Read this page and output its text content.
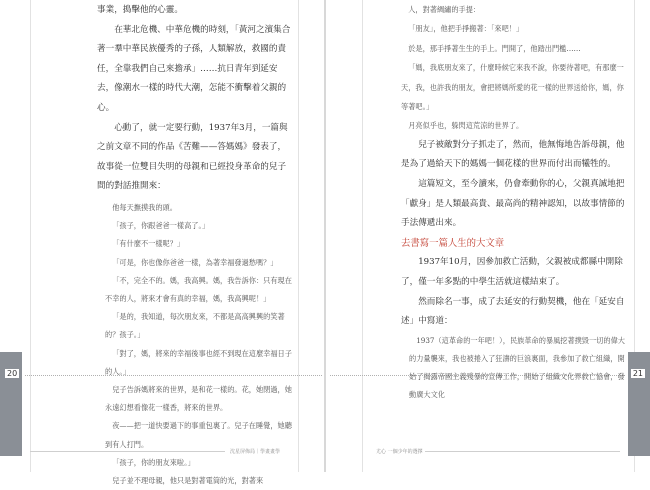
20	21
沈星屏佈局｜學畫畫學	尤心 一個少年的選擇

事業，搗擊他的心靈。

在華北危機、中華危機的時刻，「黃河之濱集合著一羣中華民族優秀的子孫，人類解放，救國的責任，全靠我們自己來擔承」……抗日青年到延安去，像潮水一樣的時代大潮，怎能不衝擊着父親的心。

心動了，就一定要行動，1937年3月，一篇與之前文章不同的作品《苦難——答媽媽》發表了，故事從一位雙目失明的母親和已經投身革命的兒子間的對話推開來：

他每天撫摸我的頭。

「孩子，你跟爸爸一樣高了。」

「有什麼不一樣呢？」

「可是，你也像你爸爸一樣，為著幸福發過愁嗎？」

「不，完全不的。媽，我高興。媽，我告訴你：只有現在不幸的人，將來才會有真的幸福，媽，我高興呢！」

「是的，我知道，每次朋友來，不都是高高興興的笑著的？孩子。」

「對了，媽，將來的幸福後事也經不到現在這麼幸福日子的人。」

兒子告訴媽將來的世界，是和花一樣的。花，她閉過，她永遠幻想看像花一樣香，將來的世界。

夜——把一道快要過下的事重包裏了。兒子在睡覺，她聽到有人打門。

「孩子，你的朋友來啦。」

兒子並不理母親，他只是對著電筒的光，對著來

人，對著綢繡的手提：

「朋友」，他把手掙搬著：「來吧！」

於是，那手掙著生生的手上。門開了，他踏出門檻……

「媽，我底朋友來了，什麼時候它來我不說，你要待著吧，有那麼一天，我，也許我的朋友，會把將媽所愛的花一樣的世界送給你，媽，你等著吧。」

月亮似乎也，躲閃這荒涼的世界了。

兒子被敵對分子抓走了，然而，他無悔地告訴母親，他是為了過給天下的媽媽一個花樣的世界而付出而犧牲的。

這篇短文，至今讀來，仍會牽動你的心，父親真誠地把「獻身」是人類最高貴、最高尚的精神認知，以故事情節的手法傳遞出來。

去書寫一篇人生的大文章

1937年10月，因參加救亡活動，父親被成都縣中開除了，僅一年多點的中學生活就這樣結束了。

然而除名一事，成了去延安的行動契機，他在「延安自述」中寫道：

1937（這革命的一年吧！），民族革命的暴風挖著撲毀一切的偉大的力量襲來，我也被捲入了狂濤的巨浪裏面，我參加了救亡組織，開始了揭露帝國主義殘暴的宣傳工作，開始了組織文化界救亡協會，發動廣大文化
